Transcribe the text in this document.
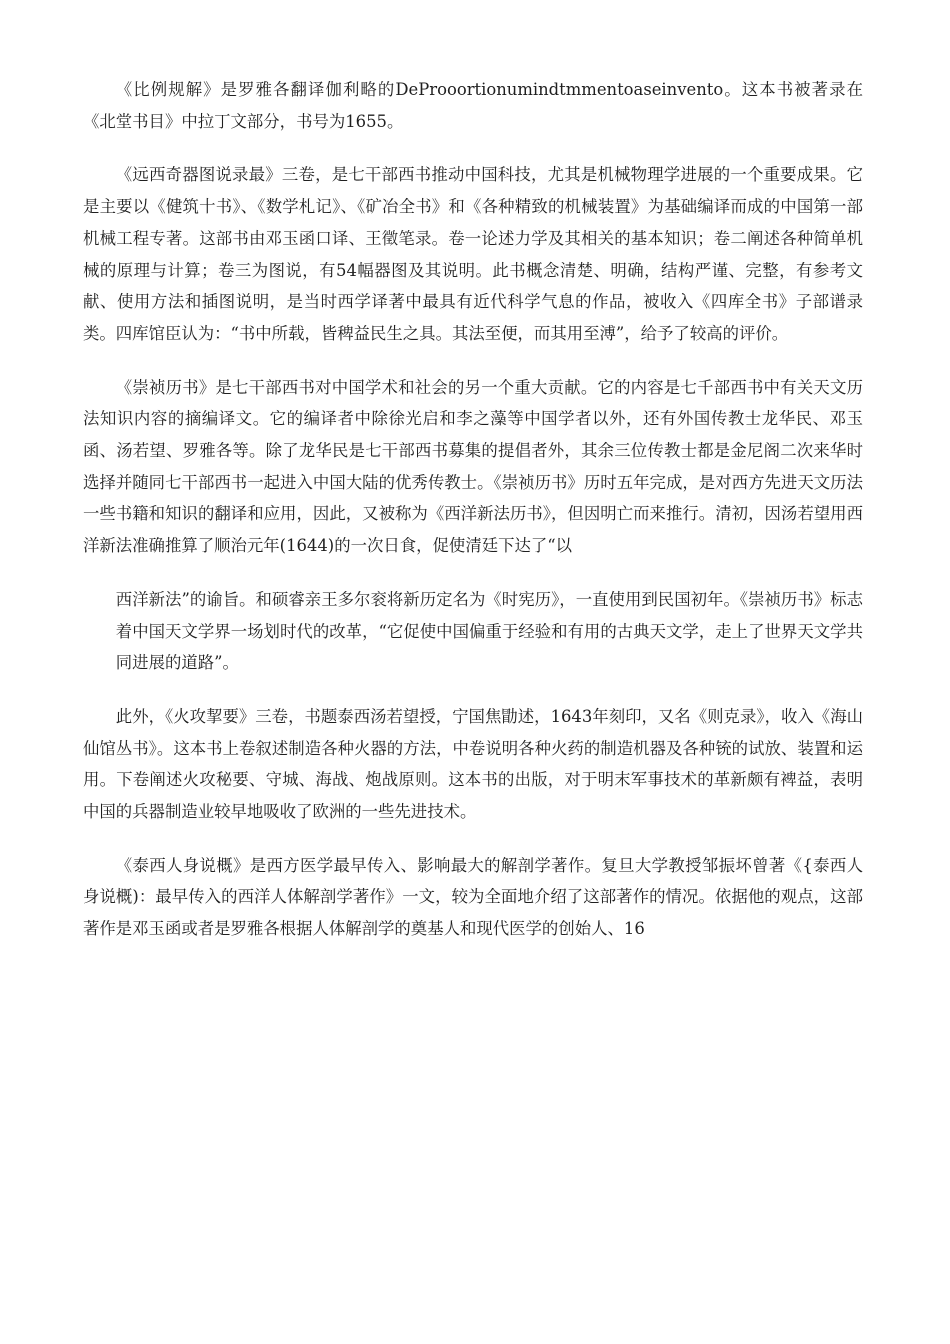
《比例规解》是罗雅各翻译伽利略的DeProoortionumindtmmentoaseinvento。这本书被著录在《北堂书目》中拉丁文部分，书号为1655。

《远西奇器图说录最》三卷，是七干部西书推动中国科技，尤其是机械物理学进展的一个重要成果。它是主要以《健筑十书》、《数学札记》、《矿冶全书》和《各种精致的机械装置》为基础编译而成的中国第一部机械工程专著。这部书由邓玉函口译、王徵笔录。卷一论述力学及其相关的基本知识；卷二阐述各种简单机械的原理与计算；卷三为图说，有54幅器图及其说明。此书概念清楚、明确，结构严谨、完整，有参考文献、使用方法和插图说明，是当时西学译著中最具有近代科学气息的作品，被收入《四库全书》子部谱录类。四库馆臣认为：“书中所载，皆稗益民生之具。其法至便，而其用至溥”，给予了较高的评价。

《崇祯历书》是七干部西书对中国学术和社会的另一个重大贡献。它的内容是七千部西书中有关天文历法知识内容的摘编译文。它的编译者中除徐光启和李之藻等中国学者以外，还有外国传教士龙华民、邓玉函、汤若望、罗雅各等。除了龙华民是七干部西书募集的提倡者外，其余三位传教士都是金尼阁二次来华时选择并随同七干部西书一起进入中国大陆的优秀传教士。《崇祯历书》历时五年完成，是对西方先进天文历法一些书籍和知识的翻译和应用，因此，又被称为《西洋新法历书》，但因明亡而来推行。清初，因汤若望用西洋新法准确推算了顺治元年(1644)的一次日食，促使清廷下达了“以

西洋新法”的谕旨。和硕睿亲王多尔衮将新历定名为《时宪历》，一直使用到民国初年。《崇祯历书》标志着中国天文学界一场划时代的改革，“它促使中国偏重于经验和有用的古典天文学，走上了世界天文学共同进展的道路”。

此外，《火攻挈要》三卷，书题泰西汤若望授，宁国焦勖述，1643年刻印，又名《则克录》，收入《海山仙馆丛书》。这本书上卷叙述制造各种火器的方法，中卷说明各种火药的制造机器及各种铳的试放、装置和运用。下卷阐述火攻秘要、守城、海战、炮战原则。这本书的出版，对于明末军事技术的革新颇有裨益，表明中国的兵器制造业较早地吸收了欧洲的一些先进技术。

《泰西人身说概》是西方医学最早传入、影响最大的解剖学著作。复旦大学教授邹振坏曾著《{泰西人身说概)：最早传入的西洋人体解剖学著作》一文，较为全面地介绍了这部著作的情况。依据他的观点，这部著作是邓玉函或者是罗雅各根据人体解剖学的奠基人和现代医学的创始人、16
